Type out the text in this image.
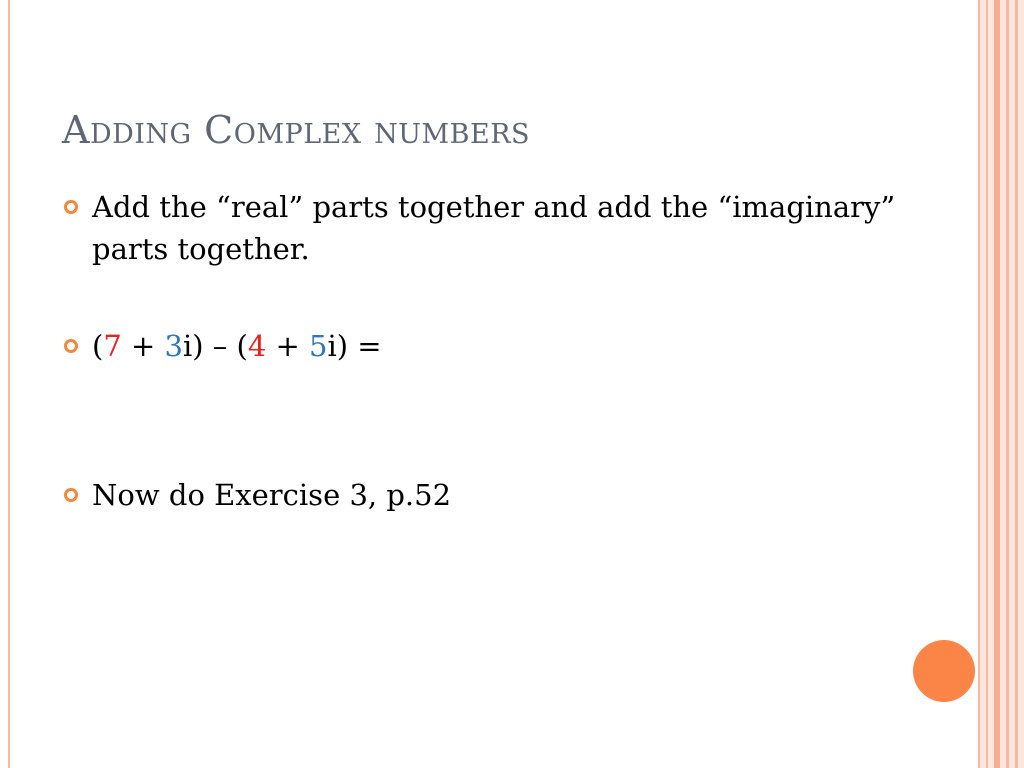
Adding Complex numbers
Add the “real” parts together and add the “imaginary” parts together.
(7 + 3i) – (4 + 5i) =
Now do Exercise 3, p.52
